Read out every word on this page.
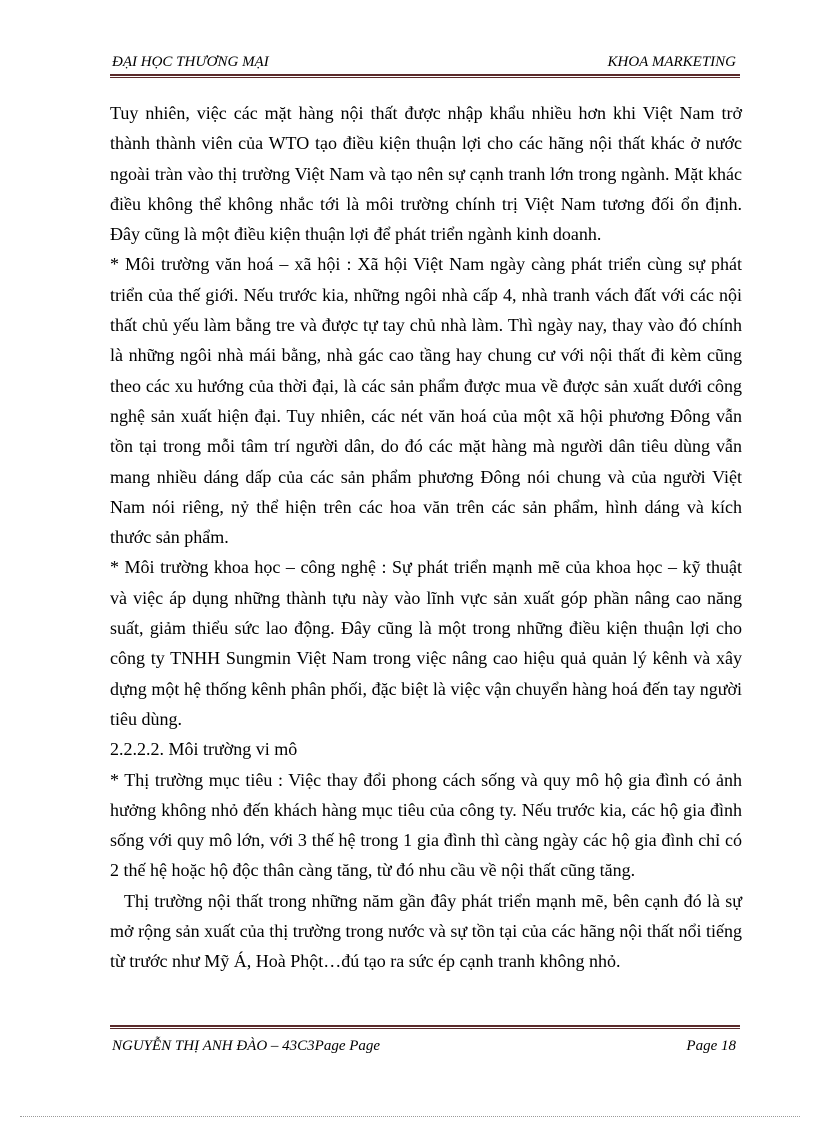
ĐẠI HỌC THƯƠNG MẠI	KHOA MARKETING

Tuy nhiên, việc các mặt hàng nội thất được nhập khẩu nhiều hơn khi Việt Nam trở thành thành viên của WTO tạo điều kiện thuận lợi cho các hãng nội thất khác ở nước ngoài tràn vào thị trường Việt Nam và tạo nên sự cạnh tranh lớn trong ngành. Mặt khác điều không thể không nhắc tới là môi trường chính trị Việt Nam tương đối ổn định. Đây cũng là một điều kiện thuận lợi để phát triển ngành kinh doanh.

* Môi trường văn hoá – xã hội : Xã hội Việt Nam ngày càng phát triển cùng sự phát triển của thế giới. Nếu trước kia, những ngôi nhà cấp 4, nhà tranh vách đất với các nội thất chủ yếu làm bằng tre và được tự tay chủ nhà làm. Thì ngày nay, thay vào đó chính là những ngôi nhà mái bằng, nhà gác cao tầng hay chung cư với nội thất đi kèm cũng theo các xu hướng của thời đại, là các sản phẩm được mua về được sản xuất dưới công nghệ sản xuất hiện đại. Tuy nhiên, các nét văn hoá của một xã hội phương Đông vẫn tồn tại trong mỗi tâm trí người dân, do đó các mặt hàng mà người dân tiêu dùng vẫn mang nhiều dáng dấp của các sản phẩm phương Đông nói chung và của người Việt Nam nói riêng, nỷ thể hiện trên các hoa văn trên các sản phẩm, hình dáng và kích thước sản phẩm.

* Môi trường khoa học – công nghệ : Sự phát triển mạnh mẽ của khoa học – kỹ thuật và việc áp dụng những thành tựu này vào lĩnh vực sản xuất góp phần nâng cao năng suất, giảm thiểu sức lao động. Đây cũng là một trong những điều kiện thuận lợi cho công ty TNHH Sungmin Việt Nam trong việc nâng cao hiệu quả quản lý kênh và xây dựng một hệ thống kênh phân phối, đặc biệt là việc vận chuyển hàng hoá đến tay người tiêu dùng.

2.2.2.2. Môi trường vi mô

* Thị trường mục tiêu : Việc thay đổi phong cách sống và quy mô hộ gia đình có ảnh hưởng không nhỏ đến khách hàng mục tiêu của công ty. Nếu trước kia, các hộ gia đình sống với quy mô lớn, với 3 thế hệ trong 1 gia đình thì càng ngày các hộ gia đình chỉ có 2 thế hệ hoặc hộ độc thân càng tăng, từ đó nhu cầu về nội thất cũng tăng.

Thị trường nội thất trong những năm gần đây phát triển mạnh mẽ, bên cạnh đó là sự mở rộng sản xuất của thị trường trong nước và sự tồn tại của các hãng nội thất nổi tiếng từ trước như Mỹ Á, Hoà Phột…đú tạo ra sức ép cạnh tranh không nhỏ.

NGUYỄN THỊ ANH ĐÀO – 43C3Page Page	Page 18
